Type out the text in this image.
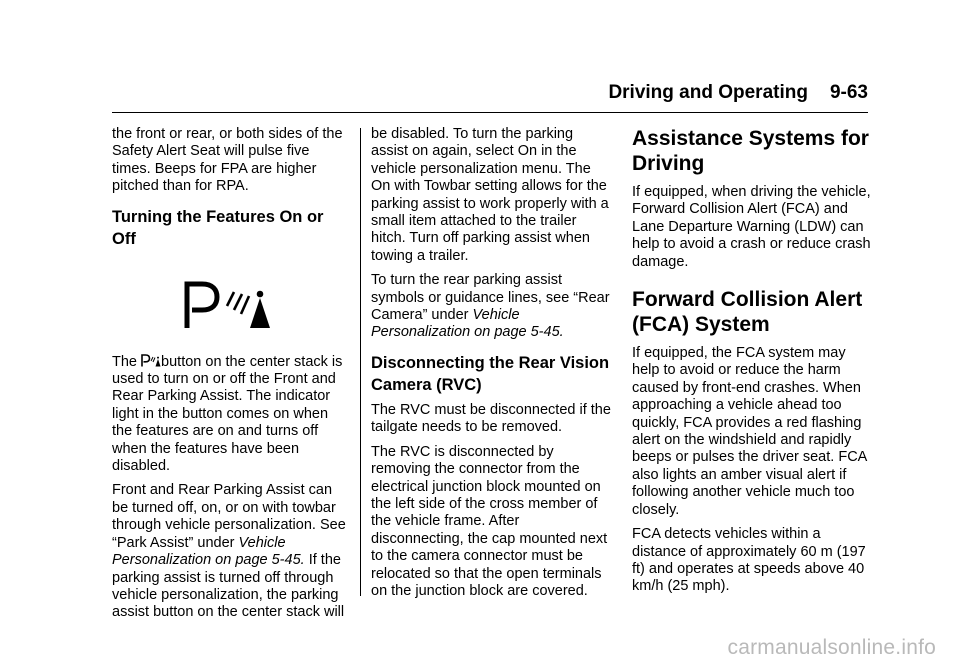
Driving and Operating 9-63

the front or rear, or both sides of the Safety Alert Seat will pulse five times. Beeps for FPA are higher pitched than for RPA.

Turning the Features On or Off

The button on the center stack is used to turn on or off the Front and Rear Parking Assist. The indicator light in the button comes on when the features are on and turns off when the features have been disabled.

Front and Rear Parking Assist can be turned off, on, or on with towbar through vehicle personalization. See “Park Assist” under Vehicle Personalization on page 5-45. If the parking assist is turned off through vehicle personalization, the parking assist button on the center stack will

be disabled. To turn the parking assist on again, select On in the vehicle personalization menu. The On with Towbar setting allows for the parking assist to work properly with a small item attached to the trailer hitch. Turn off parking assist when towing a trailer.

To turn the rear parking assist symbols or guidance lines, see “Rear Camera” under Vehicle Personalization on page 5-45.

Disconnecting the Rear Vision Camera (RVC)

The RVC must be disconnected if the tailgate needs to be removed.

The RVC is disconnected by removing the connector from the electrical junction block mounted on the left side of the cross member of the vehicle frame. After disconnecting, the cap mounted next to the camera connector must be relocated so that the open terminals on the junction block are covered.

Assistance Systems for Driving

If equipped, when driving the vehicle, Forward Collision Alert (FCA) and Lane Departure Warning (LDW) can help to avoid a crash or reduce crash damage.

Forward Collision Alert (FCA) System

If equipped, the FCA system may help to avoid or reduce the harm caused by front-end crashes. When approaching a vehicle ahead too quickly, FCA provides a red flashing alert on the windshield and rapidly beeps or pulses the driver seat. FCA also lights an amber visual alert if following another vehicle much too closely.

FCA detects vehicles within a distance of approximately 60 m (197 ft) and operates at speeds above 40 km/h (25 mph).

carmanualsonline.info
